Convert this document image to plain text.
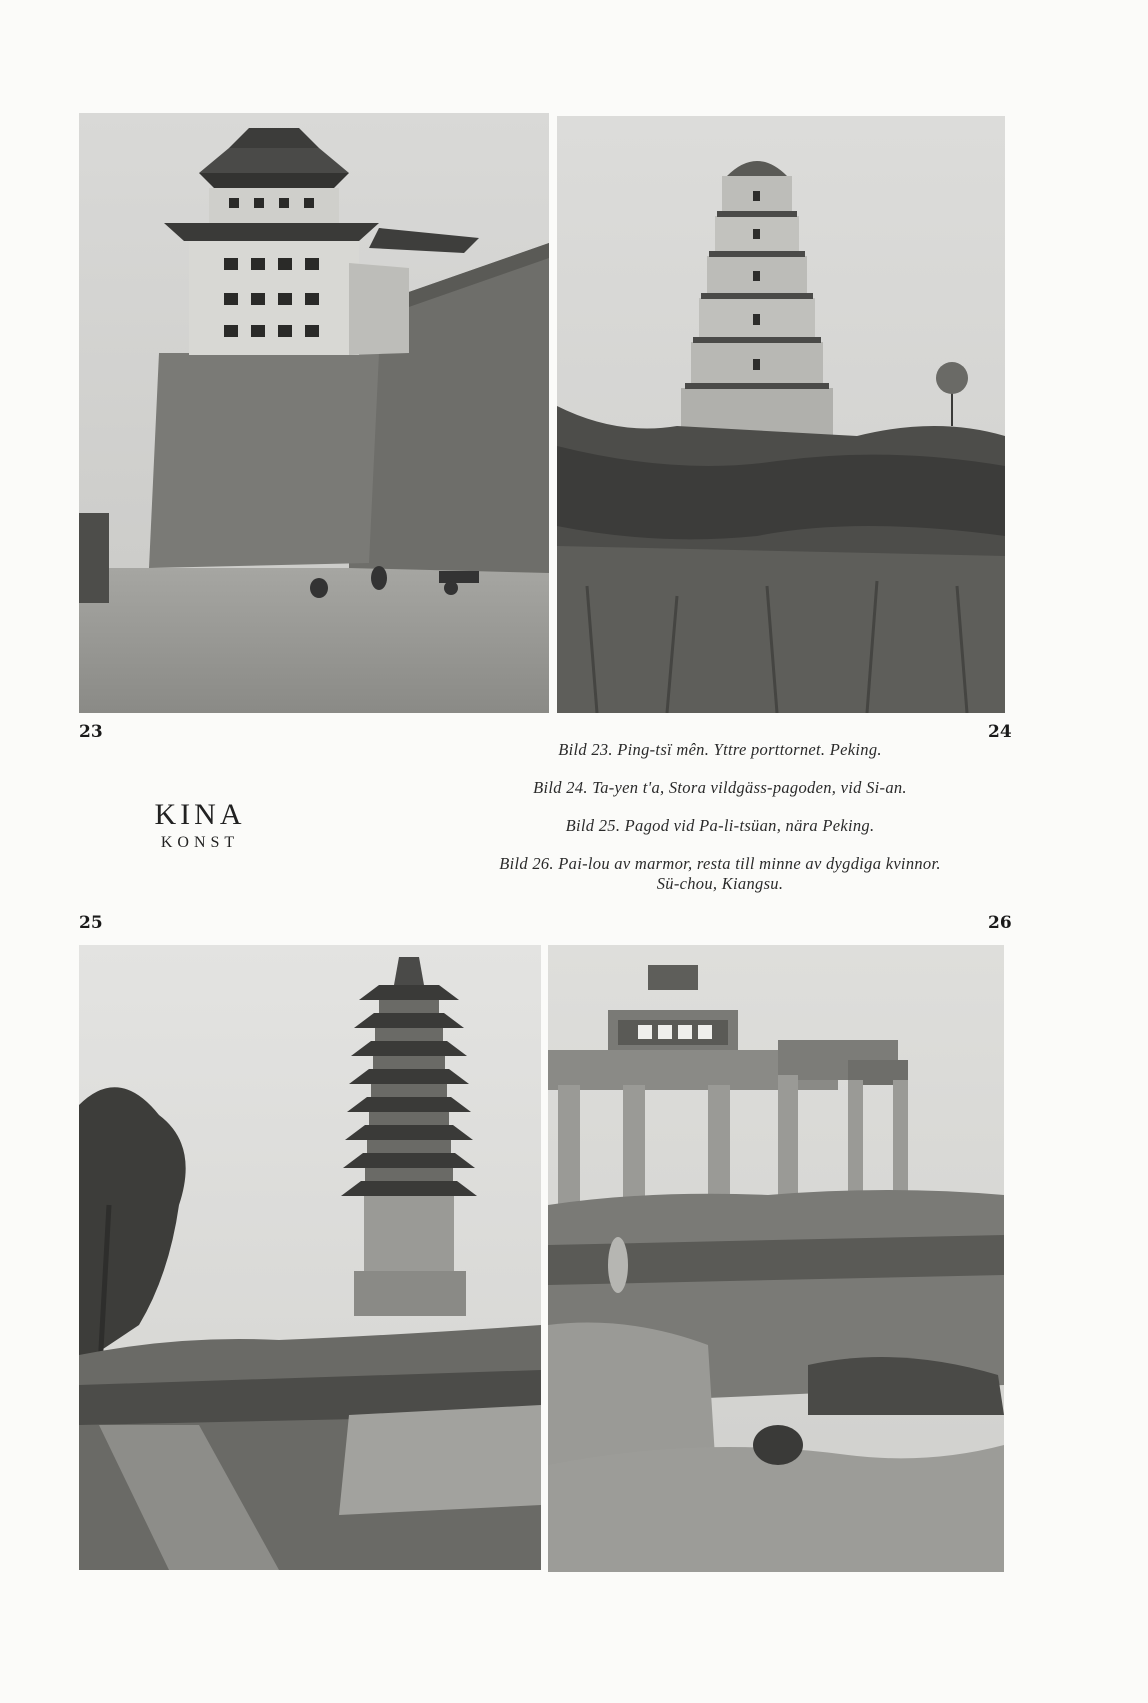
23	24
KINA
KONST

Bild 23. Ping-tsï mên. Yttre porttornet. Peking.

Bild 24. Ta-yen t'a, Stora vildgäss-pagoden, vid Si-an.

Bild 25. Pagod vid Pa-li-tsüan, nära Peking.

Bild 26. Pai-lou av marmor, resta till minne av dygdiga kvinnor.

Sü-chou, Kiangsu.

25	26
